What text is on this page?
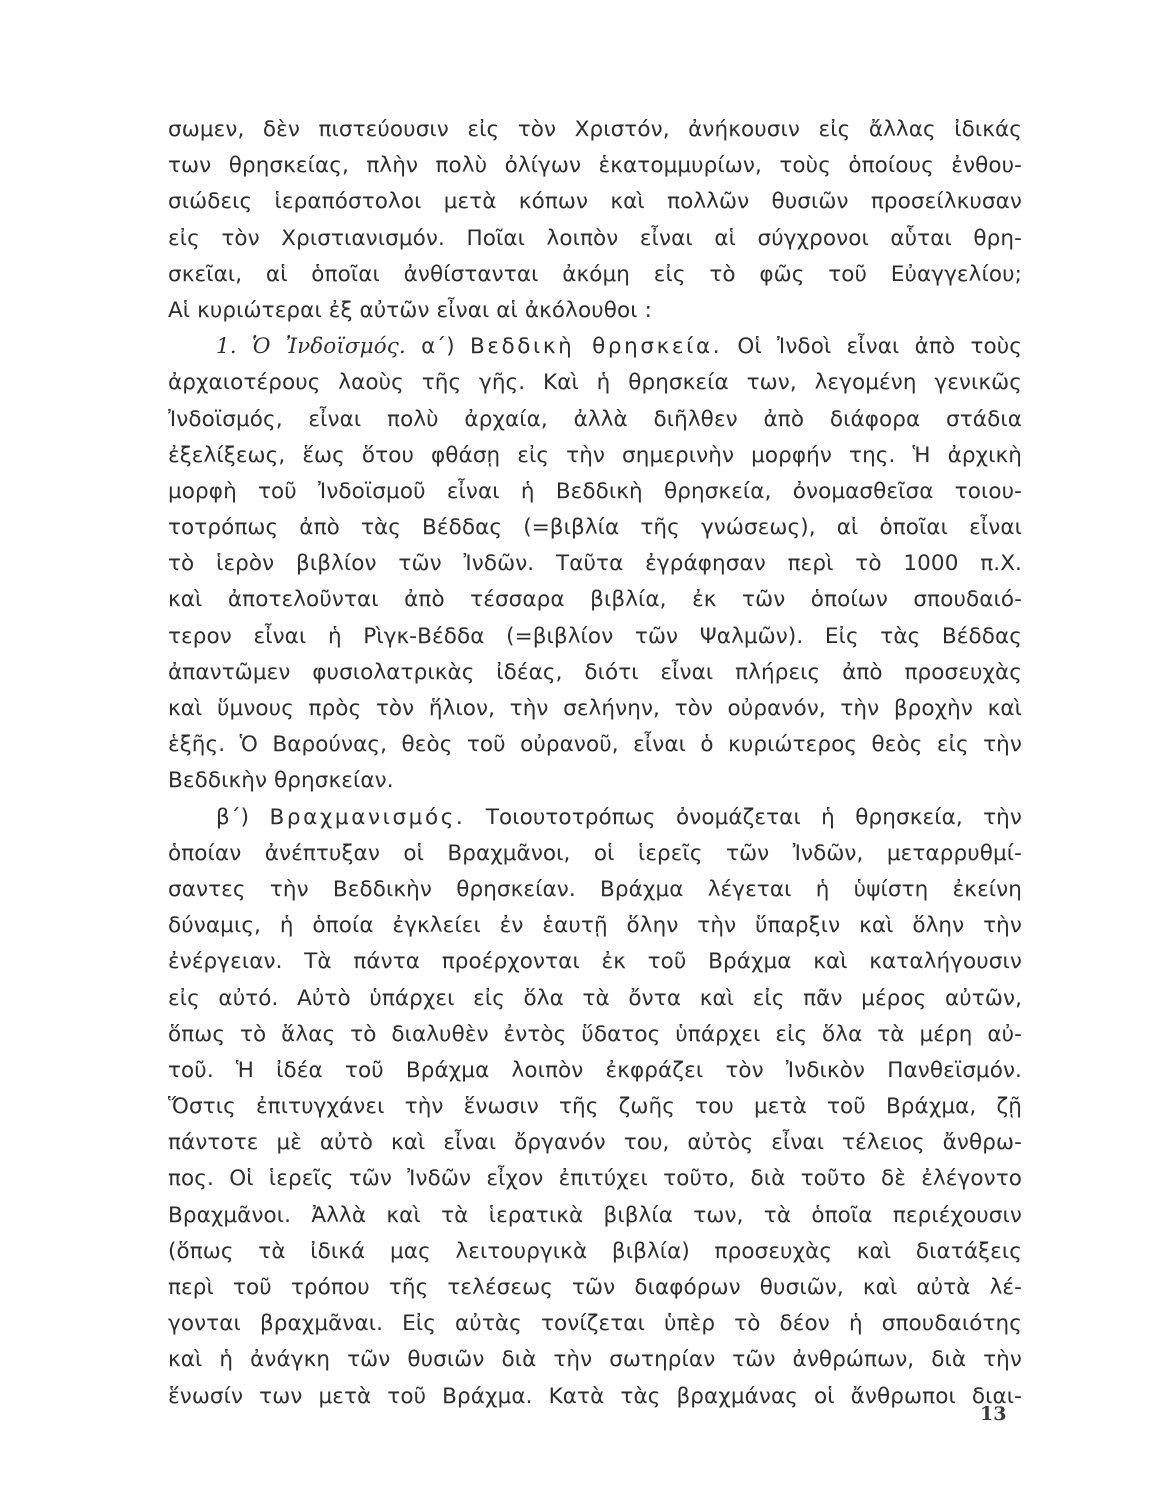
σωμεν, δὲν πιστεύουσιν εἰς τὸν Χριστόν, ἀνήκουσιν εἰς ἄλλας ἰδικάς
των θρησκείας, πλὴν πολὺ ὀλίγων ἑκατομμυρίων, τοὺς ὁποίους ἐνθου-
σιώδεις ἱεραπόστολοι μετὰ κόπων καὶ πολλῶν θυσιῶν προσείλκυσαν
εἰς τὸν Χριστιανισμόν. Ποῖαι λοιπὸν εἶναι αἱ σύγχρονοι αὗται θρη-
σκεῖαι, αἱ ὁποῖαι ἀνθίστανται ἀκόμη εἰς τὸ φῶς τοῦ Εὐαγγελίου;
Αἱ κυριώτεραι ἐξ αὐτῶν εἶναι αἱ ἀκόλουθοι :
1. Ὁ Ἰνδοϊσμός. α΄) Βεδδικὴ θρησκεία. Οἱ Ἰνδοὶ εἶναι ἀπὸ τοὺς
ἀρχαιοτέρους λαοὺς τῆς γῆς. Καὶ ἡ θρησκεία των, λεγομένη γενικῶς
Ἰνδοϊσμός, εἶναι πολὺ ἀρχαία, ἀλλὰ διῆλθεν ἀπὸ διάφορα στάδια
ἐξελίξεως, ἕως ὅτου φθάσῃ εἰς τὴν σημερινὴν μορφήν της. Ἡ ἀρχικὴ
μορφὴ τοῦ Ἰνδοϊσμοῦ εἶναι ἡ Βεδδικὴ θρησκεία, ὀνομασθεῖσα τοιου-
τοτρόπως ἀπὸ τὰς Βέδδας (=βιβλία τῆς γνώσεως), αἱ ὁποῖαι εἶναι
τὸ ἱερὸν βιβλίον τῶν Ἰνδῶν. Ταῦτα ἐγράφησαν περὶ τὸ 1000 π.Χ.
καὶ ἀποτελοῦνται ἀπὸ τέσσαρα βιβλία, ἐκ τῶν ὁποίων σπουδαιό-
τερον εἶναι ἡ Ρὶγκ-Βέδδα (=βιβλίον τῶν Ψαλμῶν). Εἰς τὰς Βέδδας
ἀπαντῶμεν φυσιολατρικὰς ἰδέας, διότι εἶναι πλήρεις ἀπὸ προσευχὰς
καὶ ὕμνους πρὸς τὸν ἥλιον, τὴν σελήνην, τὸν οὐρανόν, τὴν βροχὴν καὶ
ἑξῆς. Ὁ Βαρούνας, θεὸς τοῦ οὐρανοῦ, εἶναι ὁ κυριώτερος θεὸς εἰς τὴν
Βεδδικὴν θρησκείαν.
β΄) Βραχμανισμός. Τοιουτοτρόπως ὀνομάζεται ἡ θρησκεία, τὴν
ὁποίαν ἀνέπτυξαν οἱ Βραχμᾶνοι, οἱ ἱερεῖς τῶν Ἰνδῶν, μεταρρυθμί-
σαντες τὴν Βεδδικὴν θρησκείαν. Βράχμα λέγεται ἡ ὑψίστη ἐκείνη
δύναμις, ἡ ὁποία ἐγκλείει ἐν ἑαυτῇ ὅλην τὴν ὕπαρξιν καὶ ὅλην τὴν
ἐνέργειαν. Τὰ πάντα προέρχονται ἐκ τοῦ Βράχμα καὶ καταλήγουσιν
εἰς αὐτό. Αὐτὸ ὑπάρχει εἰς ὅλα τὰ ὄντα καὶ εἰς πᾶν μέρος αὐτῶν,
ὅπως τὸ ἅλας τὸ διαλυθὲν ἐντὸς ὕδατος ὑπάρχει εἰς ὅλα τὰ μέρη αὐ-
τοῦ. Ἡ ἰδέα τοῦ Βράχμα λοιπὸν ἐκφράζει τὸν Ἰνδικὸν Πανθεϊσμόν.
Ὅστις ἐπιτυγχάνει τὴν ἕνωσιν τῆς ζωῆς του μετὰ τοῦ Βράχμα, ζῇ
πάντοτε μὲ αὐτὸ καὶ εἶναι ὄργανόν του, αὐτὸς εἶναι τέλειος ἄνθρω-
πος. Οἱ ἱερεῖς τῶν Ἰνδῶν εἶχον ἐπιτύχει τοῦτο, διὰ τοῦτο δὲ ἐλέγοντο
Βραχμᾶνοι. Ἀλλὰ καὶ τὰ ἱερατικὰ βιβλία των, τὰ ὁποῖα περιέχουσιν
(ὅπως τὰ ἰδικά μας λειτουργικὰ βιβλία) προσευχὰς καὶ διατάξεις
περὶ τοῦ τρόπου τῆς τελέσεως τῶν διαφόρων θυσιῶν, καὶ αὐτὰ λέ-
γονται βραχμᾶναι. Εἰς αὐτὰς τονίζεται ὑπὲρ τὸ δέον ἡ σπουδαιότης
καὶ ἡ ἀνάγκη τῶν θυσιῶν διὰ τὴν σωτηρίαν τῶν ἀνθρώπων, διὰ τὴν
ἕνωσίν των μετὰ τοῦ Βράχμα. Κατὰ τὰς βραχμάνας οἱ ἄνθρωποι διαι-
13
